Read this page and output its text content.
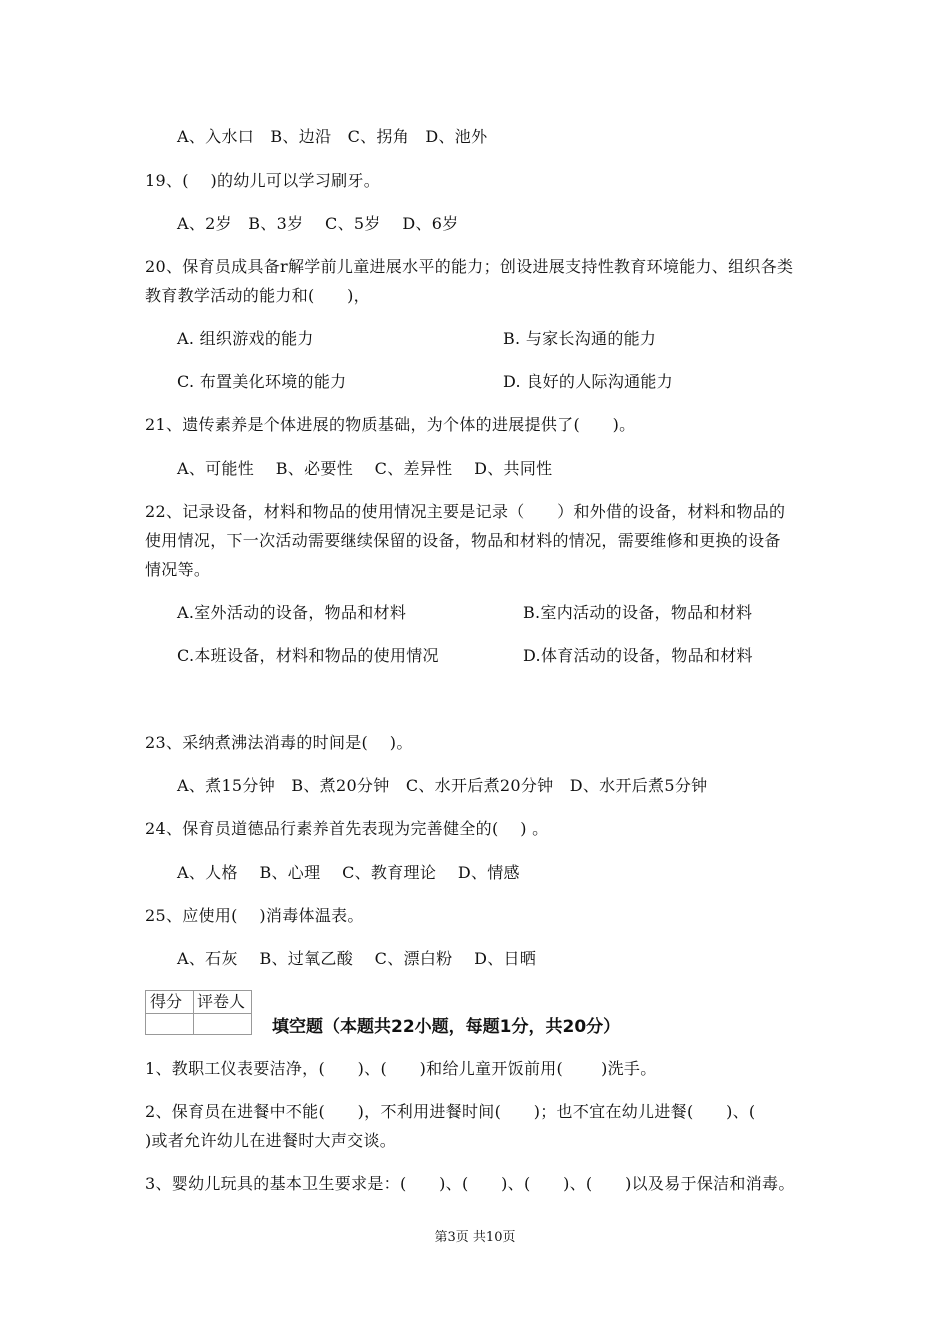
A、入水口　B、边沿　C、拐角　D、池外
19、(　 )的幼儿可以学习刷牙。
A、2岁　B、3岁　 C、5岁　 D、6岁
20、保育员成具备r解学前儿童进展水平的能力；创设进展支持性教育环境能力、组织各类
教育教学活动的能力和(　　)，
A. 组织游戏的能力	B. 与家长沟通的能力
C. 布置美化环境的能力	D. 良好的人际沟通能力
21、遗传素养是个体进展的物质基础，为个体的进展提供了(　　)。
A、可能性　 B、必要性　 C、差异性　 D、共同性
22、记录设备，材料和物品的使用情况主要是记录（　　）和外借的设备，材料和物品的
使用情况，下一次活动需要继续保留的设备，物品和材料的情况，需要维修和更换的设备
情况等。
A.室外活动的设备，物品和材料	B.室内活动的设备，物品和材料
C.本班设备，材料和物品的使用情况	D.体育活动的设备，物品和材料
23、采纳煮沸法消毒的时间是(　 )。
A、煮15分钟　B、煮20分钟　C、水开后煮20分钟　D、水开后煮5分钟
24、保育员道德品行素养首先表现为完善健全的(　 ) 。
A、人格　 B、心理　 C、教育理论　 D、情感
25、应使用(　 )消毒体温表。
A、石灰　 B、过氧乙酸　 C、漂白粉　 D、日晒
得分 评卷人
填空题（本题共22小题，每题1分，共20分）
1、教职工仪表要洁净，(　　)、(　　)和给儿童开饭前用(　　 )洗手。
2、保育员在进餐中不能(　　)，不利用进餐时间(　　)；也不宜在幼儿进餐(　　)、(
)或者允许幼儿在进餐时大声交谈。
3、婴幼儿玩具的基本卫生要求是：(　　)、(　　)、(　　)、(　　)以及易于保洁和消毒。
第3页 共10页
